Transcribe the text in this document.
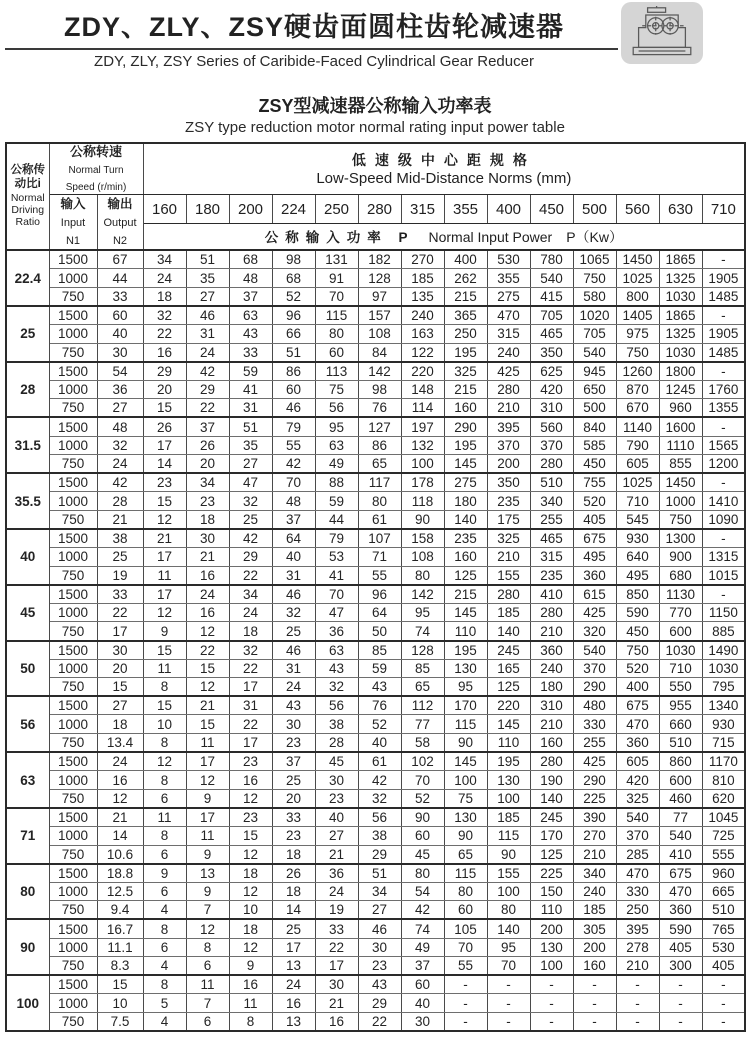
ZDY、ZLY、ZSY硬齿面圆柱齿轮减速器
ZDY, ZLY, ZSY Series of Caribide-Faced Cylindrical Gear Reducer
ZSY型减速器公称输入功率表
ZSY type reduction motor normal rating input power table
公称传
动比i
Normal
Driving
Ratio	公称转速
Normal Turn
Speed (r/min)		低速级中心距规格
Low-Speed Mid-Distance Norms (mm)													
	输入
Input
N1	输出
Output
N2	160	180	200	224	250	280	315	355	400	450	500	560	630	710
			公称输入功率 P Normal Input Power　P（Kw）													
22.4	1500	67	34	51	68	98	131	182	270	400	530	780	1065	1450	1865	-
	1000	44	24	35	48	68	91	128	185	262	355	540	750	1025	1325	1905
	750	33	18	27	37	52	70	97	135	215	275	415	580	800	1030	1485
25	1500	60	32	46	63	96	115	157	240	365	470	705	1020	1405	1865	-
	1000	40	22	31	43	66	80	108	163	250	315	465	705	975	1325	1905
	750	30	16	24	33	51	60	84	122	195	240	350	540	750	1030	1485
28	1500	54	29	42	59	86	113	142	220	325	425	625	945	1260	1800	-
	1000	36	20	29	41	60	75	98	148	215	280	420	650	870	1245	1760
	750	27	15	22	31	46	56	76	114	160	210	310	500	670	960	1355
31.5	1500	48	26	37	51	79	95	127	197	290	395	560	840	1140	1600	-
	1000	32	17	26	35	55	63	86	132	195	370	370	585	790	1110	1565
	750	24	14	20	27	42	49	65	100	145	200	280	450	605	855	1200
35.5	1500	42	23	34	47	70	88	117	178	275	350	510	755	1025	1450	-
	1000	28	15	23	32	48	59	80	118	180	235	340	520	710	1000	1410
	750	21	12	18	25	37	44	61	90	140	175	255	405	545	750	1090
40	1500	38	21	30	42	64	79	107	158	235	325	465	675	930	1300	-
	1000	25	17	21	29	40	53	71	108	160	210	315	495	640	900	1315
	750	19	11	16	22	31	41	55	80	125	155	235	360	495	680	1015
45	1500	33	17	24	34	46	70	96	142	215	280	410	615	850	1130	-
	1000	22	12	16	24	32	47	64	95	145	185	280	425	590	770	1150
	750	17	9	12	18	25	36	50	74	110	140	210	320	450	600	885
50	1500	30	15	22	32	46	63	85	128	195	245	360	540	750	1030	1490
	1000	20	11	15	22	31	43	59	85	130	165	240	370	520	710	1030
	750	15	8	12	17	24	32	43	65	95	125	180	290	400	550	795
56	1500	27	15	21	31	43	56	76	112	170	220	310	480	675	955	1340
	1000	18	10	15	22	30	38	52	77	115	145	210	330	470	660	930
	750	13.4	8	11	17	23	28	40	58	90	110	160	255	360	510	715
63	1500	24	12	17	23	37	45	61	102	145	195	280	425	605	860	1170
	1000	16	8	12	16	25	30	42	70	100	130	190	290	420	600	810
	750	12	6	9	12	20	23	32	52	75	100	140	225	325	460	620
71	1500	21	11	17	23	33	40	56	90	130	185	245	390	540	77	1045
	1000	14	8	11	15	23	27	38	60	90	115	170	270	370	540	725
	750	10.6	6	9	12	18	21	29	45	65	90	125	210	285	410	555
80	1500	18.8	9	13	18	26	36	51	80	115	155	225	340	470	675	960
	1000	12.5	6	9	12	18	24	34	54	80	100	150	240	330	470	665
	750	9.4	4	7	10	14	19	27	42	60	80	110	185	250	360	510
90	1500	16.7	8	12	18	25	33	46	74	105	140	200	305	395	590	765
	1000	11.1	6	8	12	17	22	30	49	70	95	130	200	278	405	530
	750	8.3	4	6	9	13	17	23	37	55	70	100	160	210	300	405
100	1500	15	8	11	16	24	30	43	60	-	-	-	-	-	-	-
	1000	10	5	7	11	16	21	29	40	-	-	-	-	-	-	-
	750	7.5	4	6	8	13	16	22	30	-	-	-	-	-	-	-
